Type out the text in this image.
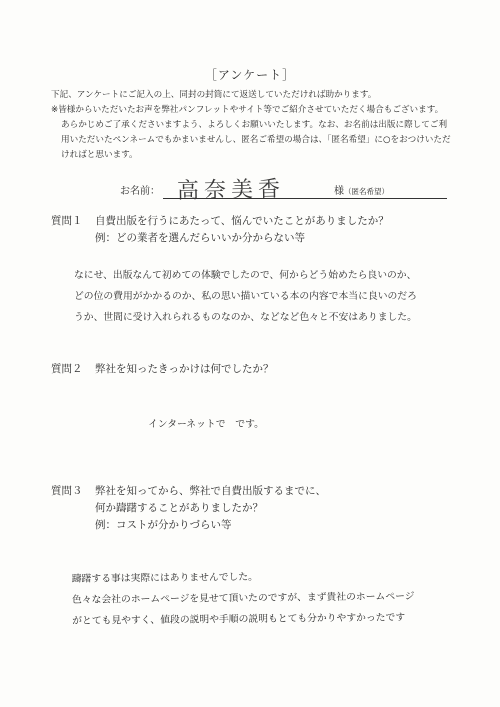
［アンケート］
下記、アンケートにご記入の上、同封の封筒にて返送していただければ助かります。
※皆様からいただいたお声を弊社パンフレットやサイト等でご紹介させていただく場合もございます。
あらかじめご了承くださいますよう、よろしくお願いいたします。なお、お名前は出版に際してご利
用いただいたペンネームでもかまいませんし、匿名ご希望の場合は、「匿名希望」に○をおつけいただ
ければと思います。
お名前： 高奈美香	様（匿名希望）
質問１ 自費出版を行うにあたって、悩んでいたことがありましたか？
例：どの業者を選んだらいいか分からない等
なにせ、出版なんて初めての体験でしたので、何からどう始めたら良いのか、
どの位の費用がかかるのか、私の思い描いている本の内容で本当に良いのだろ
うか、世間に受け入れられるものなのか、などなど色々と不安はありました。
質問２ 弊社を知ったきっかけは何でしたか？
インターネットで　です。
質問３ 弊社を知ってから、弊社で自費出版するまでに、
何か躊躇することがありましたか？
例：コストが分かりづらい等
躊躇する事は実際にはありませんでした。
色々な会社のホームページを見せて頂いたのですが、まず貴社のホームページ
がとても見やすく、値段の説明や手順の説明もとても分かりやすかったです
